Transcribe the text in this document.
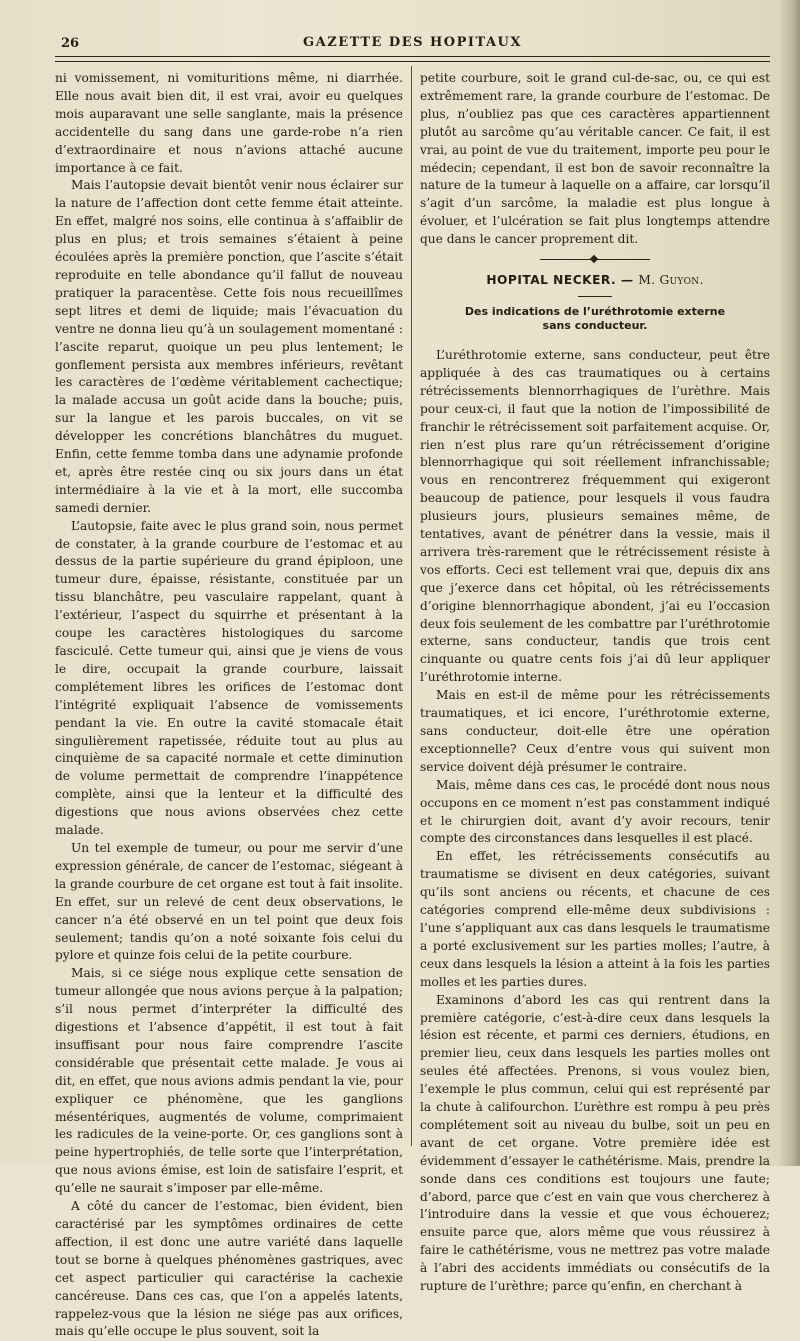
26	GAZETTE DES HOPITAUX

ni vomissement, ni vomituritions même, ni diarrhée. Elle nous avait bien dit, il est vrai, avoir eu quelques mois auparavant une selle sanglante, mais la présence accidentelle du sang dans une garde-robe n’a rien d’extraordinaire et nous n’avions attaché aucune importance à ce fait.

Mais l’autopsie devait bientôt venir nous éclairer sur la nature de l’affection dont cette femme était atteinte. En effet, malgré nos soins, elle continua à s’affaiblir de plus en plus; et trois semaines s’étaient à peine écoulées après la première ponction, que l’ascite s’était reproduite en telle abondance qu’il fallut de nouveau pratiquer la paracentèse. Cette fois nous recueillîmes sept litres et demi de liquide; mais l’évacuation du ventre ne donna lieu qu’à un soulagement momentané : l’ascite reparut, quoique un peu plus lentement; le gonflement persista aux membres inférieurs, revêtant les caractères de l’œdème véritablement cachectique; la malade accusa un goût acide dans la bouche; puis, sur la langue et les parois buccales, on vit se développer les concrétions blanchâtres du muguet. Enfin, cette femme tomba dans une adynamie profonde et, après être restée cinq ou six jours dans un état intermédiaire à la vie et à la mort, elle succomba samedi dernier.

L’autopsie, faite avec le plus grand soin, nous permet de constater, à la grande courbure de l’estomac et au dessus de la partie supérieure du grand épiploon, une tumeur dure, épaisse, résistante, constituée par un tissu blanchâtre, peu vasculaire rappelant, quant à l’extérieur, l’aspect du squirrhe et présentant à la coupe les caractères histologiques du sarcome fasciculé. Cette tumeur qui, ainsi que je viens de vous le dire, occupait la grande courbure, laissait complétement libres les orifices de l’estomac dont l’intégrité expliquait l’absence de vomissements pendant la vie. En outre la cavité stomacale était singulièrement rapetissée, réduite tout au plus au cinquième de sa capacité normale et cette diminution de volume permettait de comprendre l’inappétence complète, ainsi que la lenteur et la difficulté des digestions que nous avions observées chez cette malade.

Un tel exemple de tumeur, ou pour me servir d’une expression générale, de cancer de l’estomac, siégeant à la grande courbure de cet organe est tout à fait insolite. En effet, sur un relevé de cent deux observations, le cancer n’a été observé en un tel point que deux fois seulement; tandis qu’on a noté soixante fois celui du pylore et quinze fois celui de la petite courbure.

Mais, si ce siége nous explique cette sensation de tumeur allongée que nous avions perçue à la palpation; s’il nous permet d’interpréter la difficulté des digestions et l’absence d’appétit, il est tout à fait insuffisant pour nous faire comprendre l’ascite considérable que présentait cette malade. Je vous ai dit, en effet, que nous avions admis pendant la vie, pour expliquer ce phénomène, que les ganglions mésentériques, augmentés de volume, comprimaient les radicules de la veine-porte. Or, ces ganglions sont à peine hypertrophiés, de telle sorte que l’interprétation, que nous avions émise, est loin de satisfaire l’esprit, et qu’elle ne saurait s’imposer par elle-même.

A côté du cancer de l’estomac, bien évident, bien caractérisé par les symptômes ordinaires de cette affection, il est donc une autre variété dans laquelle tout se borne à quelques phénomènes gastriques, avec cet aspect particulier qui caractérise la cachexie cancéreuse. Dans ces cas, que l’on a appelés latents, rappelez-vous que la lésion ne siége pas aux orifices, mais qu’elle occupe le plus souvent, soit la

petite courbure, soit le grand cul-de-sac, ou, ce qui est extrêmement rare, la grande courbure de l’estomac. De plus, n’oubliez pas que ces caractères appartiennent plutôt au sarcôme qu’au véritable cancer. Ce fait, il est vrai, au point de vue du traitement, importe peu pour le médecin; cependant, il est bon de savoir reconnaître la nature de la tumeur à laquelle on a affaire, car lorsqu’il s’agit d’un sarcôme, la maladie est plus longue à évoluer, et l’ulcération se fait plus longtemps attendre que dans le cancer proprement dit.

HOPITAL NECKER. — M. Guyon.
Des indications de l’uréthrotomie externe
sans conducteur.

L’uréthrotomie externe, sans conducteur, peut être appliquée à des cas traumatiques ou à certains rétrécissements blennorrhagiques de l’urèthre. Mais pour ceux-ci, il faut que la notion de l’impossibilité de franchir le rétrécissement soit parfaitement acquise. Or, rien n’est plus rare qu’un rétrécissement d’origine blennorrhagique qui soit réellement infranchissable; vous en rencontrerez fréquemment qui exigeront beaucoup de patience, pour lesquels il vous faudra plusieurs jours, plusieurs semaines même, de tentatives, avant de pénétrer dans la vessie, mais il arrivera très-rarement que le rétrécissement résiste à vos efforts. Ceci est tellement vrai que, depuis dix ans que j’exerce dans cet hôpital, où les rétrécissements d’origine blennorrhagique abondent, j’ai eu l’occasion deux fois seulement de les combattre par l’uréthrotomie externe, sans conducteur, tandis que trois cent cinquante ou quatre cents fois j’ai dû leur appliquer l’uréthrotomie interne.

Mais en est-il de même pour les rétrécissements traumatiques, et ici encore, l’uréthrotomie externe, sans conducteur, doit-elle être une opération exceptionnelle? Ceux d’entre vous qui suivent mon service doivent déjà présumer le contraire.

Mais, même dans ces cas, le procédé dont nous nous occupons en ce moment n’est pas constamment indiqué et le chirurgien doit, avant d’y avoir recours, tenir compte des circonstances dans lesquelles il est placé.

En effet, les rétrécissements consécutifs au traumatisme se divisent en deux catégories, suivant qu’ils sont anciens ou récents, et chacune de ces catégories comprend elle-même deux subdivisions : l’une s’appliquant aux cas dans lesquels le traumatisme a porté exclusivement sur les parties molles; l’autre, à ceux dans lesquels la lésion a atteint à la fois les parties molles et les parties dures.

Examinons d’abord les cas qui rentrent dans la première catégorie, c’est-à-dire ceux dans lesquels la lésion est récente, et parmi ces derniers, étudions, en premier lieu, ceux dans lesquels les parties molles ont seules été affectées. Prenons, si vous voulez bien, l’exemple le plus commun, celui qui est représenté par la chute à califourchon. L’urèthre est rompu à peu près complétement soit au niveau du bulbe, soit un peu en avant de cet organe. Votre première idée est évidemment d’essayer le cathétérisme. Mais, prendre la sonde dans ces conditions est toujours une faute; d’abord, parce que c’est en vain que vous chercherez à l’introduire dans la vessie et que vous échouerez; ensuite parce que, alors même que vous réussirez à faire le cathétérisme, vous ne mettrez pas votre malade à l’abri des accidents immédiats ou consécutifs de la rupture de l’urèthre; parce qu’enfin, en cherchant à
